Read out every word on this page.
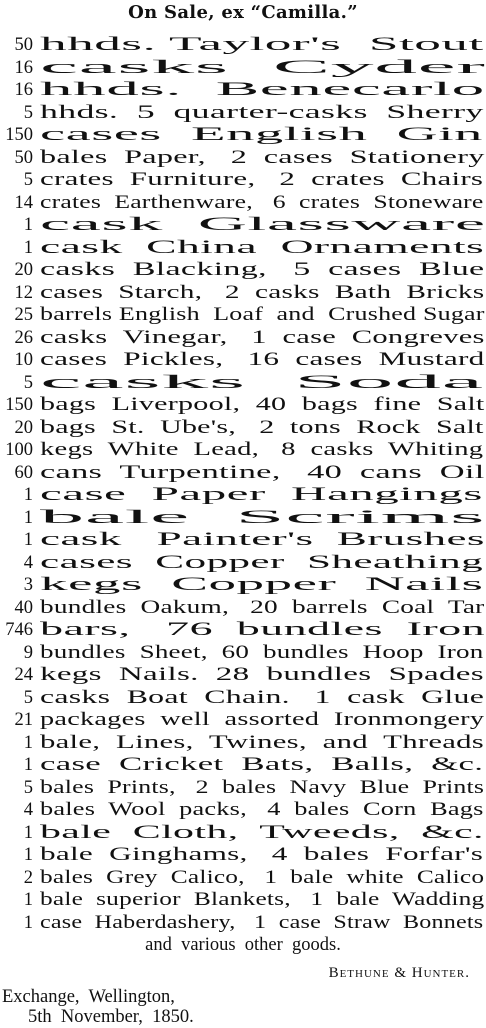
On Sale, ex “Camilla.”
50 hhds. Taylor's  Stout
16 casks  Cyder
16 hhds.  Benecarlo
5 hhds.  5  quarter-casks  Sherry
150 cases  English  Gin
50 bales  Paper,   2  cases  Stationery
5 crates  Furniture,   2  crates  Chairs
14 crates  Earthenware,   6  crates  Stoneware
1 cask  Glassware
1 cask  China  Ornaments
20 casks  Blacking,   5  cases  Blue
12 cases  Starch,   2  casks  Bath  Bricks
25 barrels English  Loaf  and  Crushed Sugar
26 casks  Vinegar,   1  case  Congreves
10 cases  Pickles,   16  cases  Mustard
5 casks  Soda
150 bags  Liverpool,  40  bags  fine  Salt
20 bags  St.  Ube's,   2  tons  Rock  Salt
100 kegs  White  Lead,   8  casks  Whiting
60 cans  Turpentine,   40  cans  Oil
1 case  Paper  Hangings
1 bale  Scrims
1 cask   Painter's  Brushes
4 cases  Copper  Sheathing
3 kegs  Copper  Nails
40 bundles  Oakum,   20  barrels  Coal  Tar
746 bars,   76  bundles  Iron
9 bundles  Sheet,  60  bundles  Hoop  Iron
24 kegs  Nails.  28  bundles  Spades
5 casks  Boat  Chain.   1  cask  Glue
21 packages  well  assorted  Ironmongery
1 bale,  Lines,  Twines,  and  Threads
1 case  Cricket  Bats,  Balls,  &c.
5 bales  Prints,   2  bales  Navy  Blue  Prints
4 bales  Wool  packs,   4  bales  Corn  Bags
1 bale  Cloth,  Tweeds,  &c.
1 bale  Ginghams,   4  bales  Forfar's
2 bales  Grey  Calico,   1  bale  white  Calico
1 bale  superior  Blankets,   1  bale  Wadding
1 case  Haberdashery,   1  case  Straw  Bonnets
and  various  other  goods.
Bethune & Hunter.
Exchange,  Wellington,
5th  November,  1850.
